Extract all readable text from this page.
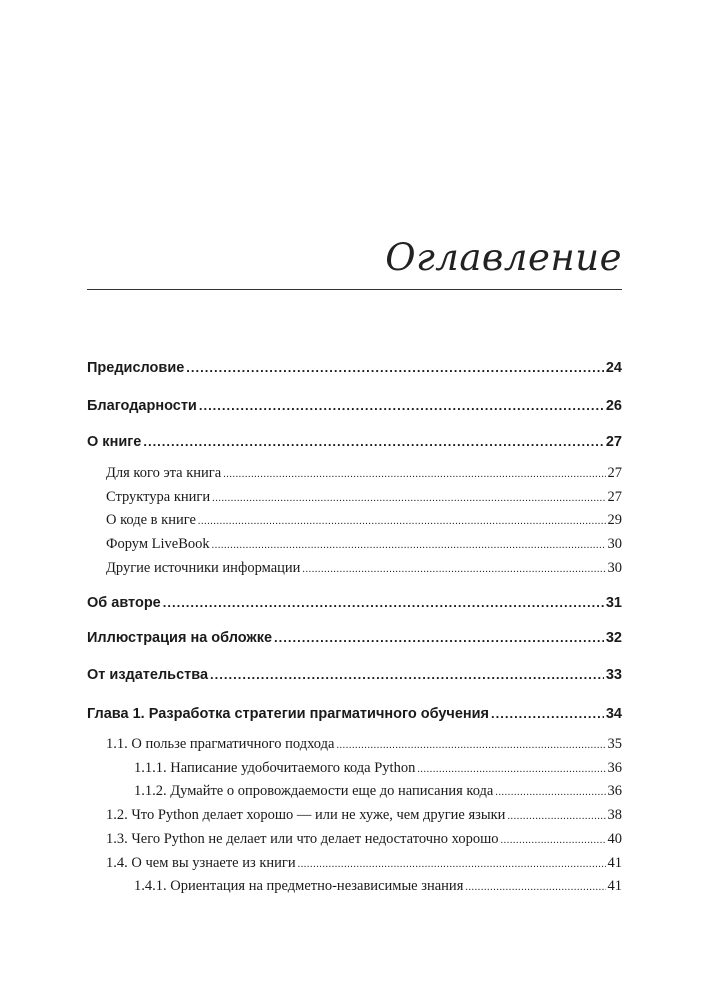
Оглавление
Предисловие .....	24
Благодарности .....	26
О книге .....	27
Для кого эта книга .....	27
Структура книги .....	27
О коде в книге .....	29
Форум LiveBook .....	30
Другие источники информации .....	30
Об авторе .....	31
Иллюстрация на обложке .....	32
От издательства .....	33
Глава 1. Разработка стратегии прагматичного обучения .....	34
1.1. О пользе прагматичного подхода .....	35
1.1.1. Написание удобочитаемого кода Python .....	36
1.1.2. Думайте о опровождаемости еще до написания кода .....	36
1.2. Что Python делает хорошо — или не хуже, чем другие языки .....	38
1.3. Чего Python не делает или что делает недостаточно хорошо .....	40
1.4. О чем вы узнаете из книги .....	41
1.4.1. Ориентация на предметно-независимые знания .....	41
